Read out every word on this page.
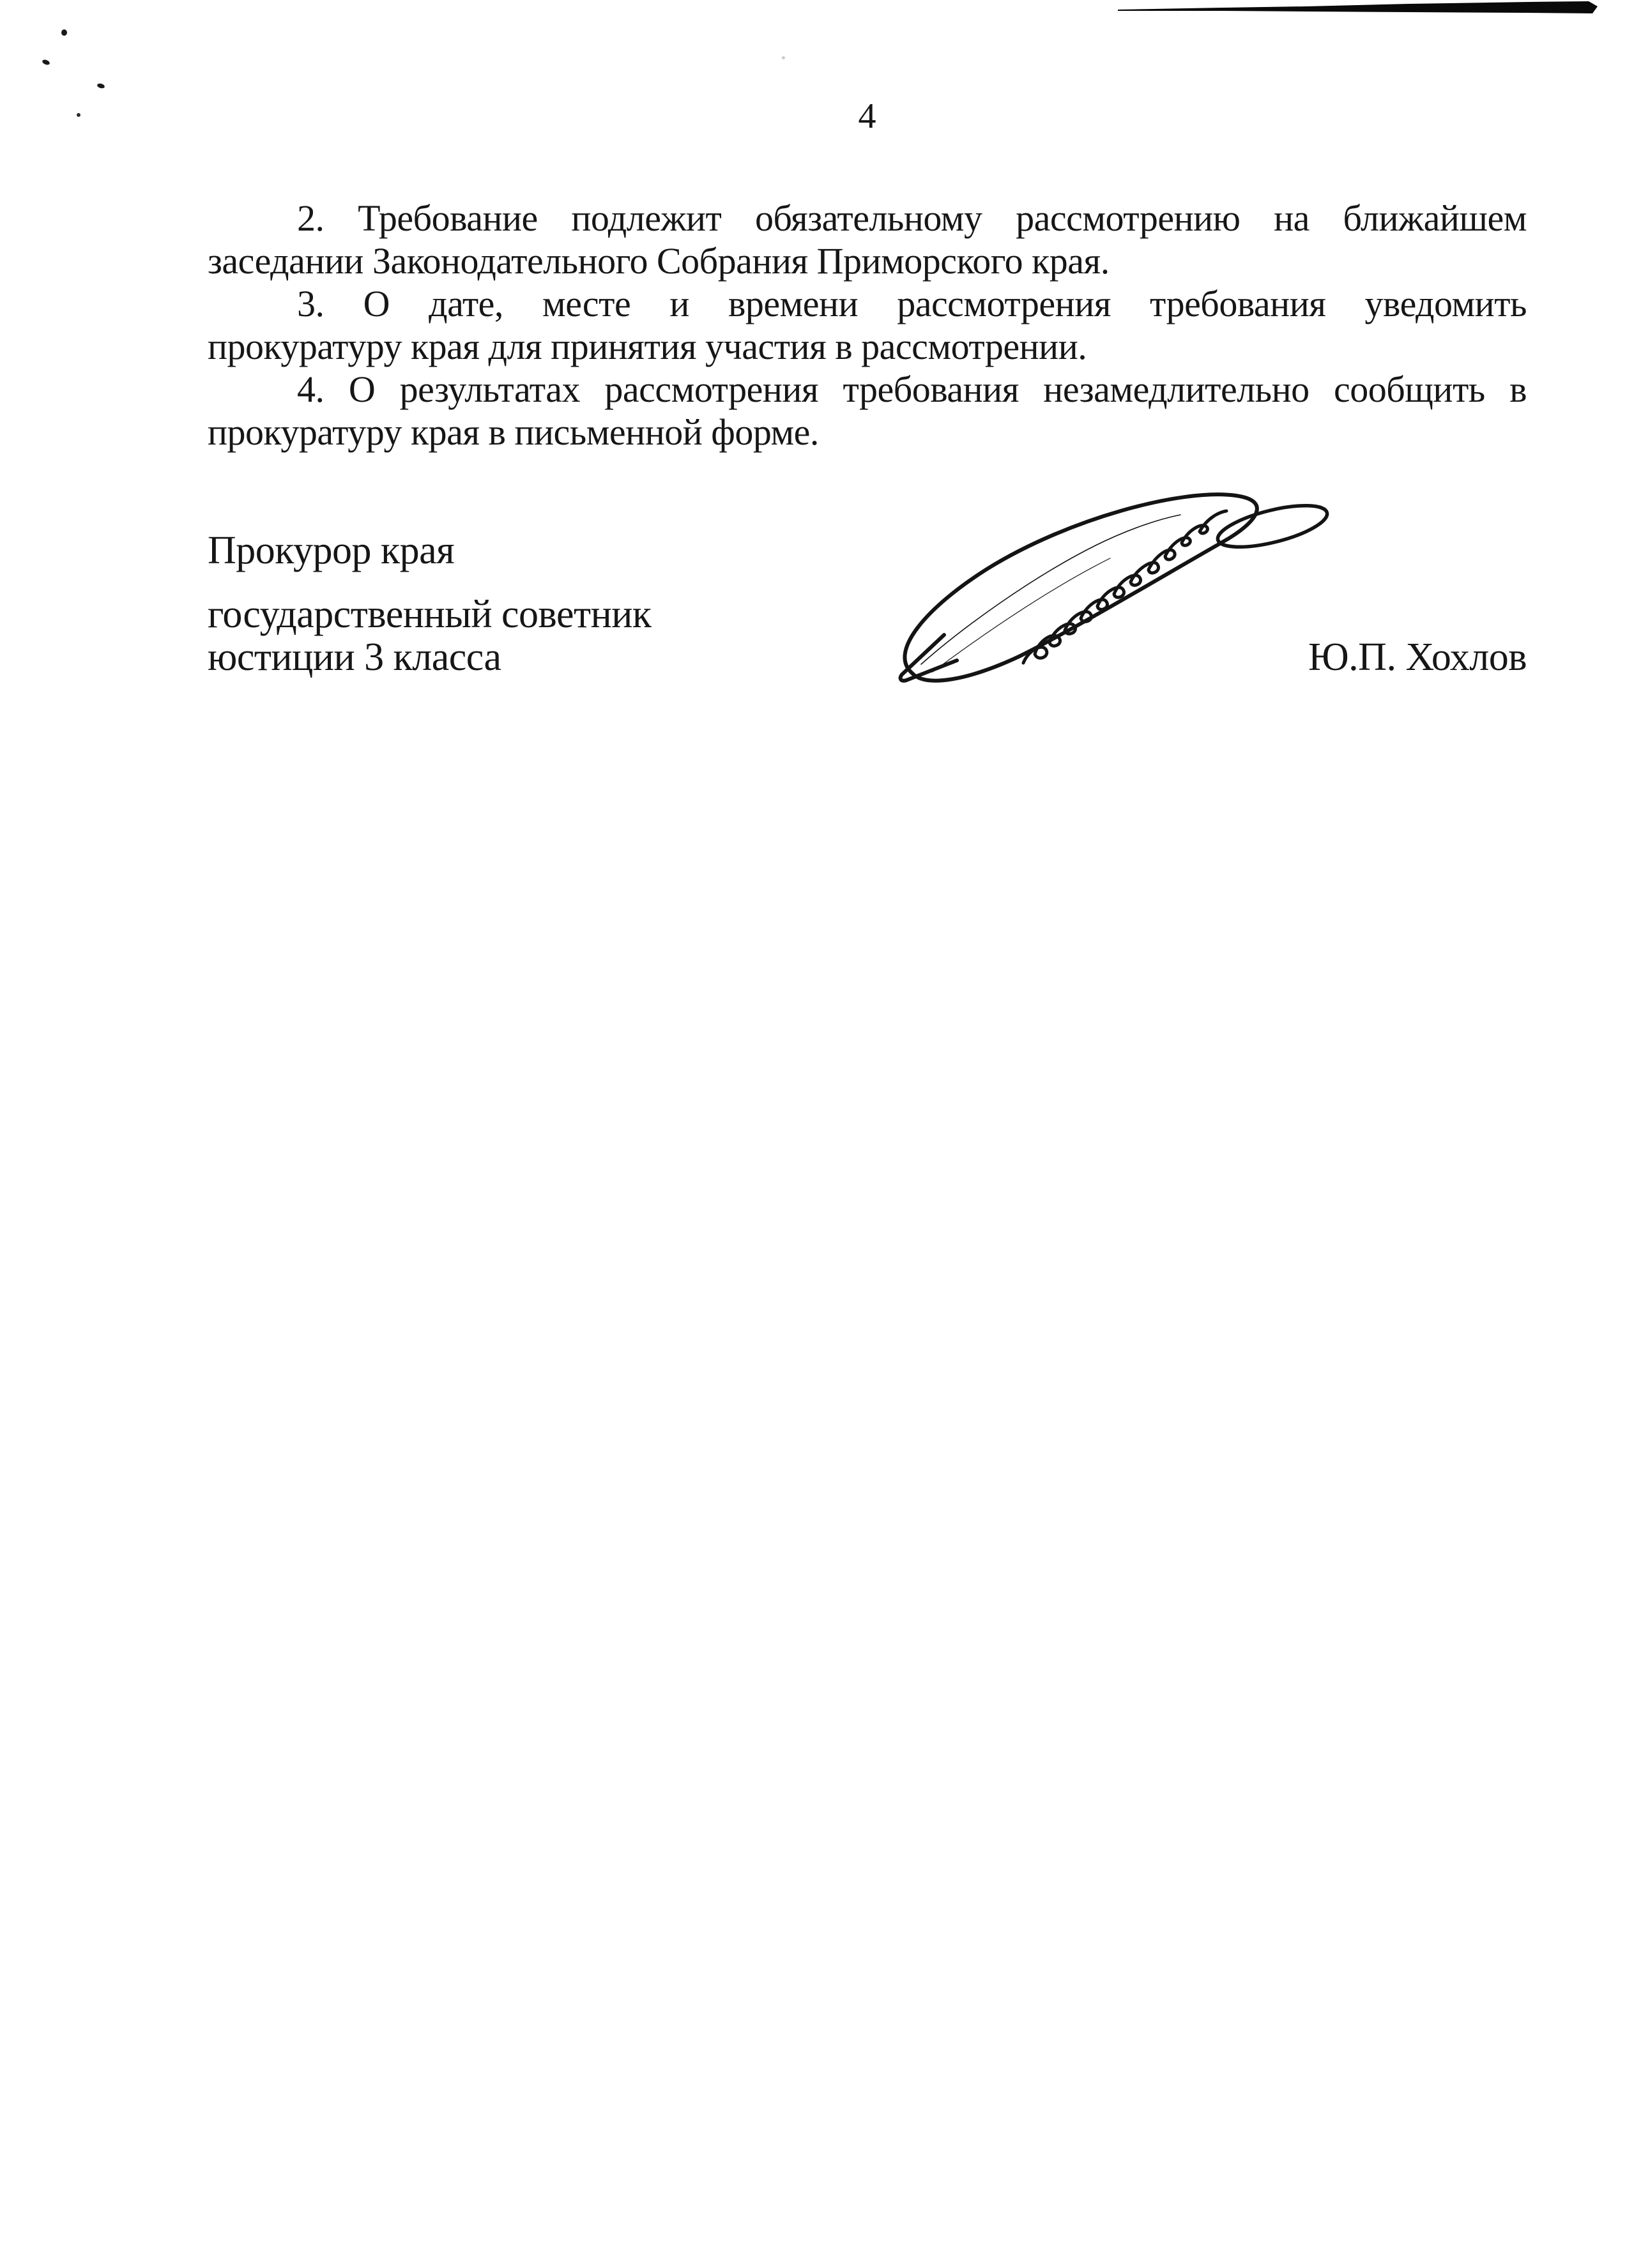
4
2. Требование подлежит обязательному рассмотрению на ближайшем
заседании Законодательного Собрания Приморского края.
3. О дате, месте и времени рассмотрения требования уведомить
прокуратуру края для принятия участия в рассмотрении.
4. О результатах рассмотрения требования незамедлительно сообщить в
прокуратуру края в письменной форме.
Прокурор края
государственный советник
юстиции 3 класса	Ю.П. Хохлов
